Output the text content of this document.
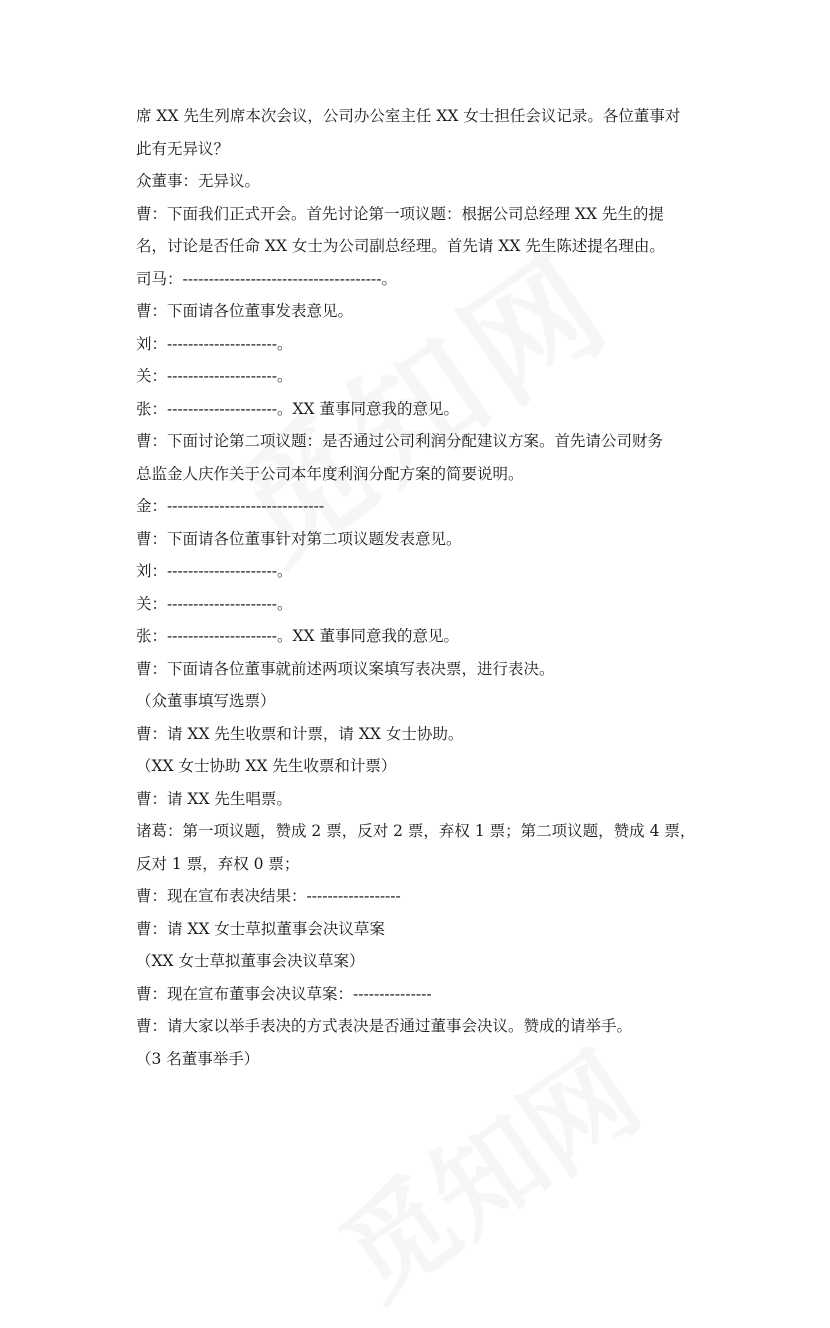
席 XX 先生列席本次会议，公司办公室主任 XX 女士担任会议记录。各位董事对
此有无异议？
众董事：无异议。
曹：下面我们正式开会。首先讨论第一项议题：根据公司总经理 XX 先生的提
名，讨论是否任命 XX 女士为公司副总经理。首先请 XX 先生陈述提名理由。
司马：--------------------------------------。
曹：下面请各位董事发表意见。
刘：---------------------。
关：---------------------。
张：---------------------。XX 董事同意我的意见。
曹：下面讨论第二项议题：是否通过公司利润分配建议方案。首先请公司财务
总监金人庆作关于公司本年度利润分配方案的简要说明。
金：------------------------------
曹：下面请各位董事针对第二项议题发表意见。
刘：---------------------。
关：---------------------。
张：---------------------。XX 董事同意我的意见。
曹：下面请各位董事就前述两项议案填写表决票，进行表决。
（众董事填写选票）
曹：请 XX 先生收票和计票，请 XX 女士协助。
（XX 女士协助 XX 先生收票和计票）
曹：请 XX 先生唱票。
诸葛：第一项议题，赞成 2 票，反对 2 票，弃权 1 票；第二项议题，赞成 4 票，
反对 1 票，弃权 0 票；
曹：现在宣布表决结果：------------------
曹：请 XX 女士草拟董事会决议草案
（XX 女士草拟董事会决议草案）
曹：现在宣布董事会决议草案：---------------
曹：请大家以举手表决的方式表决是否通过董事会决议。赞成的请举手。
（3 名董事举手）
